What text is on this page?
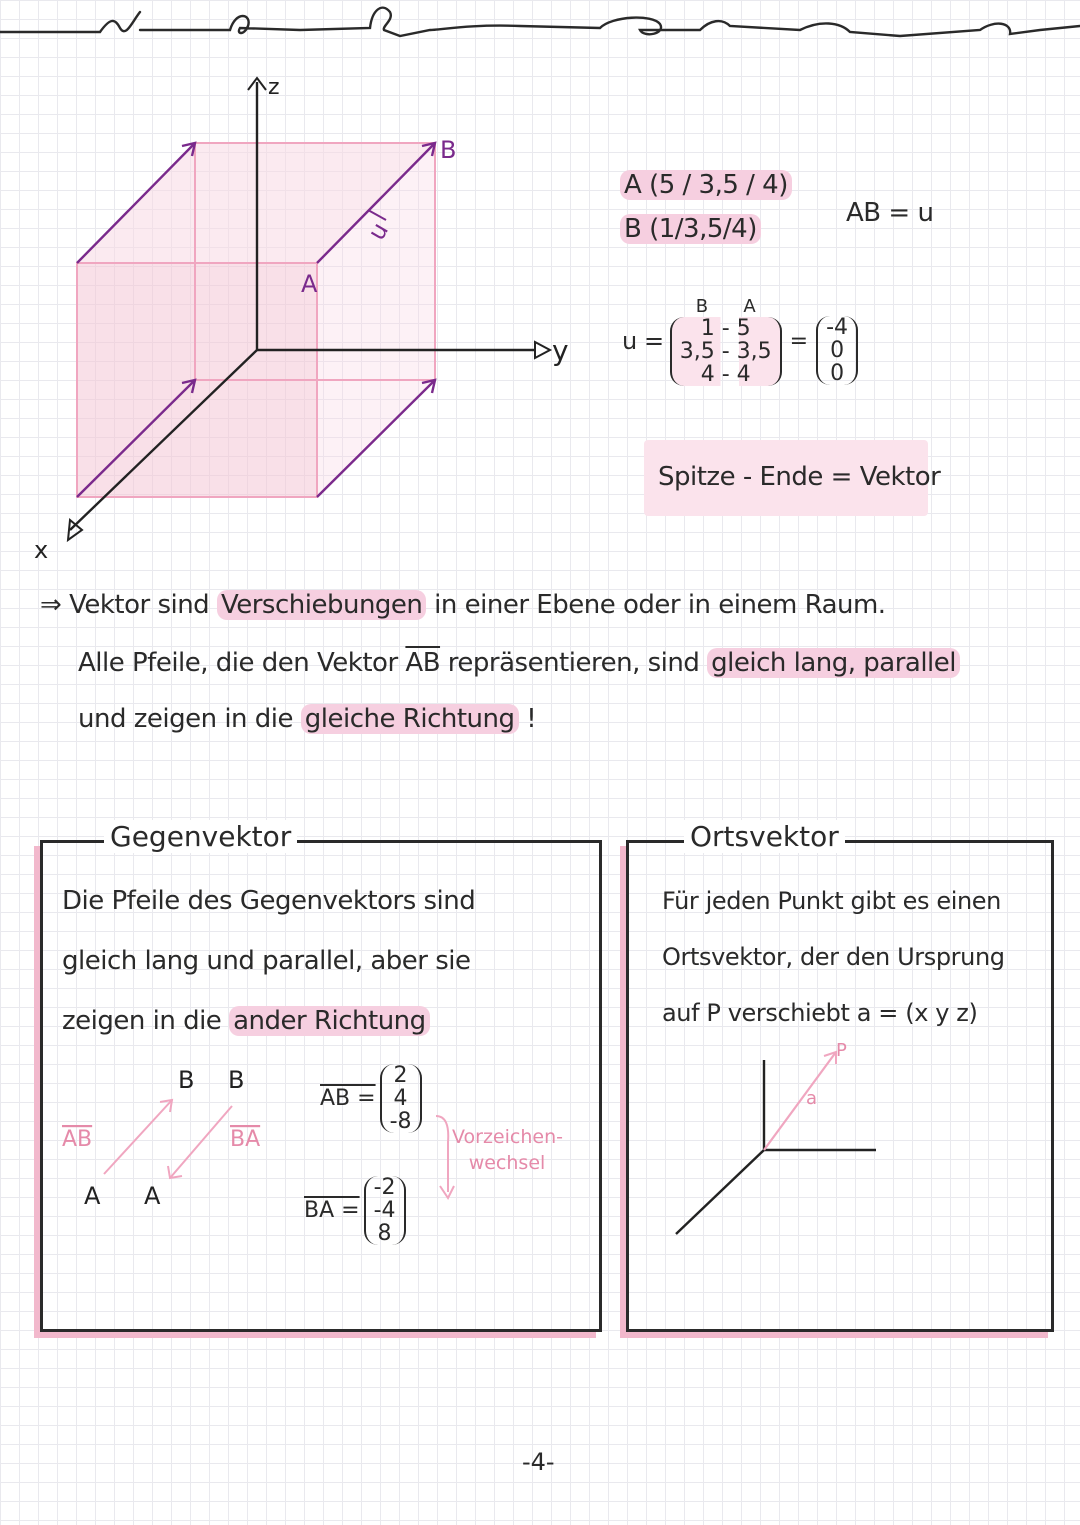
Vektoren
z
y
x
A
B
u
A (5 / 3,5 / 4)
B (1/3,5/4)
AB = u
u =
B A
1 - 5
3,5 - 3,5
4 - 4
=
-4
0
0
Spitze - Ende = Vektor
⇒ Vektor sind Verschiebungen in einer Ebene oder in einem Raum.
Alle Pfeile, die den Vektor $\overline{AB}$ repräsentieren, sind gleich lang, parallel
und zeigen in die gleiche Richtung !
Gegenvektor
Die Pfeile des Gegenvektors sind
gleich lang und parallel, aber sie
zeigen in die ander Richtung
B B
A A
AB	BA
AB =
2
4
-8
BA =
-2
-4
8
Vorzeichen-wechsel
Ortsvektor
Für jeden Punkt gibt es einen
Ortsvektor, der den Ursprung
auf P verschiebt a = (x y z)
P
a
-4-
